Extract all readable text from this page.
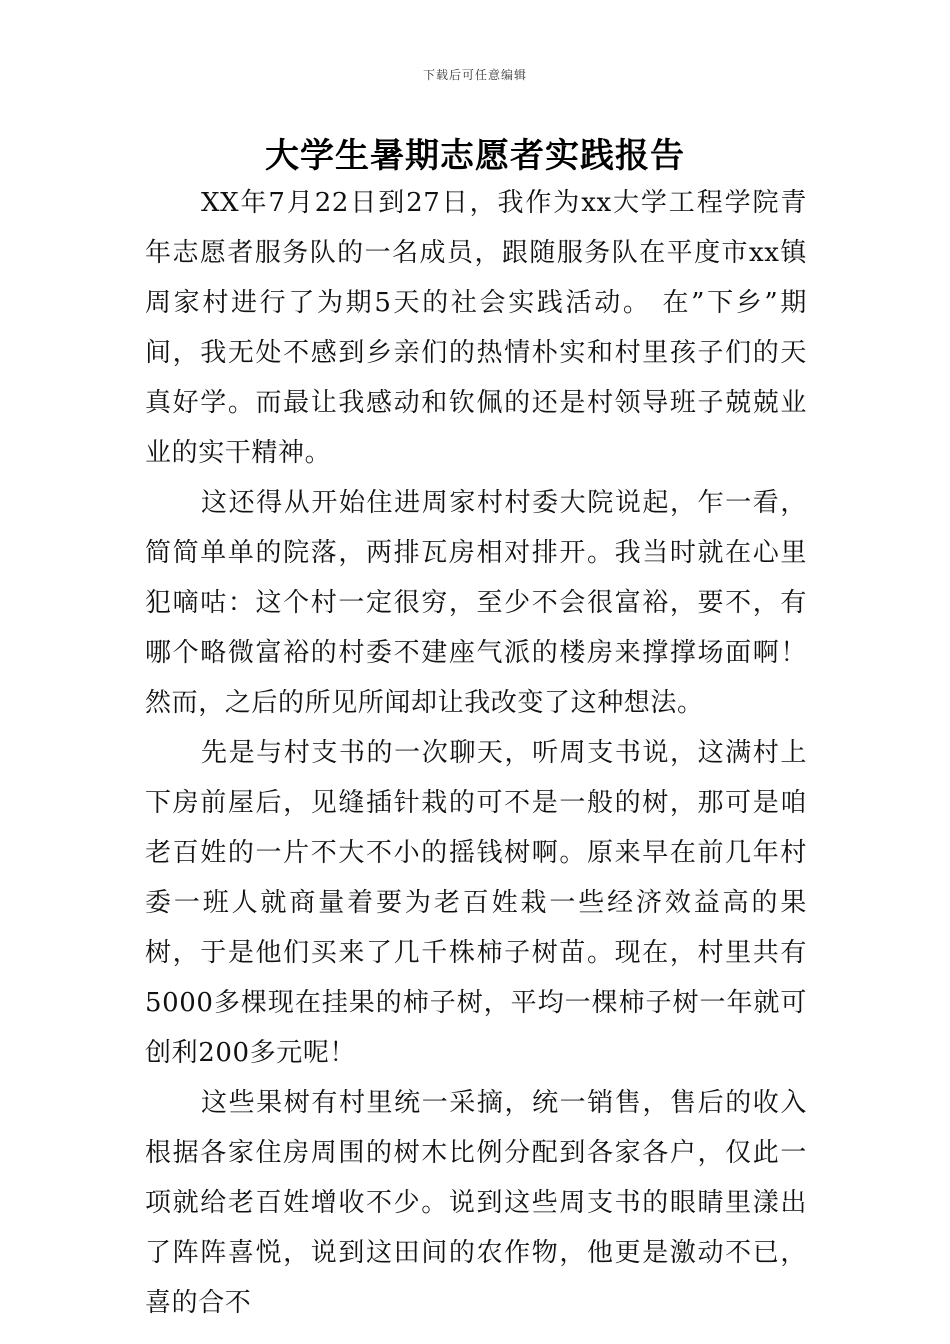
下载后可任意编辑
大学生暑期志愿者实践报告

XX年7月22日到27日，我作为xx大学工程学院青年志愿者服务队的一名成员，跟随服务队在平度市xx镇周家村进行了为期5天的社会实践活动。 在”下乡”期间，我无处不感到乡亲们的热情朴实和村里孩子们的天真好学。而最让我感动和钦佩的还是村领导班子兢兢业业的实干精神。

这还得从开始住进周家村村委大院说起，乍一看，简简单单的院落，两排瓦房相对排开。我当时就在心里犯嘀咕：这个村一定很穷，至少不会很富裕，要不，有哪个略微富裕的村委不建座气派的楼房来撑撑场面啊！然而，之后的所见所闻却让我改变了这种想法。

先是与村支书的一次聊天，听周支书说，这满村上下房前屋后，见缝插针栽的可不是一般的树，那可是咱老百姓的一片不大不小的摇钱树啊。原来早在前几年村委一班人就商量着要为老百姓栽一些经济效益高的果树，于是他们买来了几千株柿子树苗。现在，村里共有5000多棵现在挂果的柿子树，平均一棵柿子树一年就可创利200多元呢！

这些果树有村里统一采摘，统一销售，售后的收入根据各家住房周围的树木比例分配到各家各户，仅此一项就给老百姓增收不少。说到这些周支书的眼睛里漾出了阵阵喜悦，说到这田间的农作物，他更是激动不已，喜的合不
